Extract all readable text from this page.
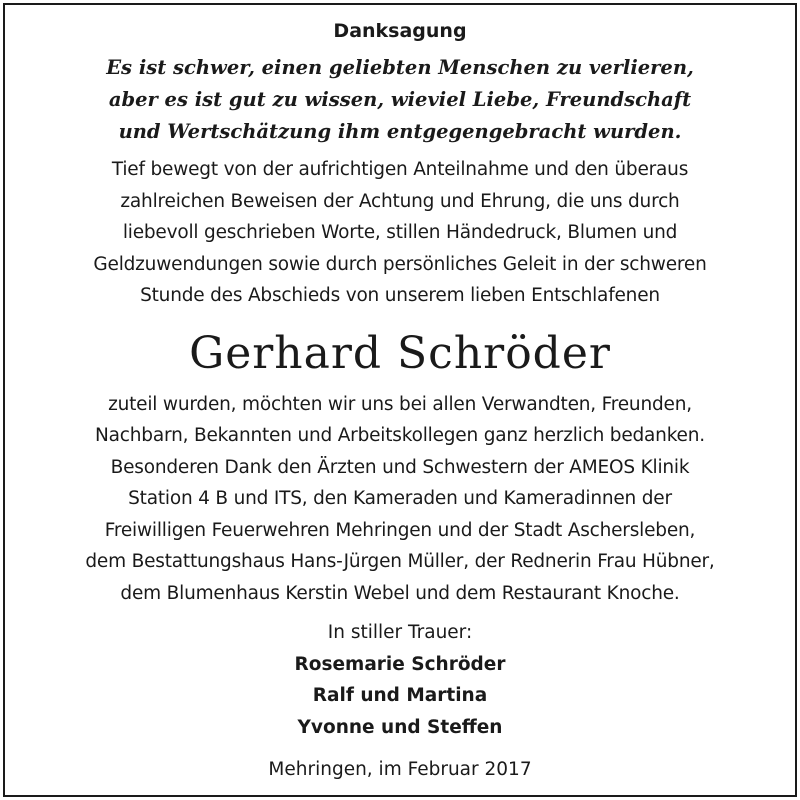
Danksagung
Es ist schwer, einen geliebten Menschen zu verlieren,
aber es ist gut zu wissen, wieviel Liebe, Freundschaft
und Wertschätzung ihm entgegengebracht wurden.
Tief bewegt von der aufrichtigen Anteilnahme und den überaus
zahlreichen Beweisen der Achtung und Ehrung, die uns durch
liebevoll geschrieben Worte, stillen Händedruck, Blumen und
Geldzuwendungen sowie durch persönliches Geleit in der schweren
Stunde des Abschieds von unserem lieben Entschlafenen
Gerhard Schröder
zuteil wurden, möchten wir uns bei allen Verwandten, Freunden,
Nachbarn, Bekannten und Arbeitskollegen ganz herzlich bedanken.
Besonderen Dank den Ärzten und Schwestern der AMEOS Klinik
Station 4 B und ITS, den Kameraden und Kameradinnen der
Freiwilligen Feuerwehren Mehringen und der Stadt Aschersleben,
dem Bestattungshaus Hans-Jürgen Müller, der Rednerin Frau Hübner,
dem Blumenhaus Kerstin Webel und dem Restaurant Knoche.
In stiller Trauer:
Rosemarie Schröder
Ralf und Martina
Yvonne und Steffen
Mehringen, im Februar 2017
